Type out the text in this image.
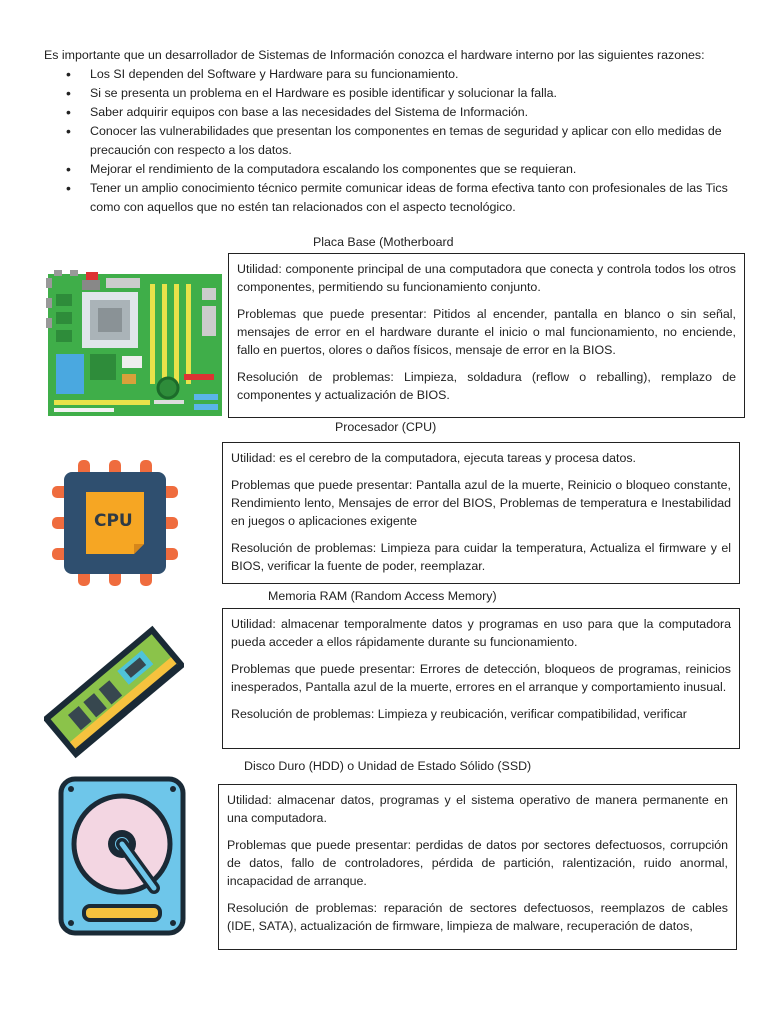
Es importante que un desarrollador de Sistemas de Información conozca el hardware interno por las siguientes razones:
• Los SI dependen del Software y Hardware para su funcionamiento.
• Si se presenta un problema en el Hardware es posible identificar y solucionar la falla.
• Saber adquirir equipos con base a las necesidades del Sistema de Información.
• Conocer las vulnerabilidades que presentan los componentes en temas de seguridad y aplicar con ello medidas de precaución con respecto a los datos.
• Mejorar el rendimiento de la computadora escalando los componentes que se requieran.
• Tener un amplio conocimiento técnico permite comunicar ideas de forma efectiva tanto con profesionales de las Tics como con aquellos que no estén tan relacionados con el aspecto tecnológico.
Placa Base (Motherboard

Utilidad: componente principal de una computadora que conecta y controla todos los otros componentes, permitiendo su funcionamiento conjunto.

Problemas que puede presentar: Pitidos al encender, pantalla en blanco o sin señal, mensajes de error en el hardware durante el inicio o mal funcionamiento, no enciende, fallo en puertos, olores o daños físicos, mensaje de error en la BIOS.

Resolución de problemas: Limpieza, soldadura (reflow o reballing), remplazo de componentes y actualización de BIOS.

Procesador (CPU)
CPU

Utilidad: es el cerebro de la computadora, ejecuta tareas y procesa datos.

Problemas que puede presentar: Pantalla azul de la muerte, Reinicio o bloqueo constante, Rendimiento lento, Mensajes de error del BIOS, Problemas de temperatura e Inestabilidad en juegos o aplicaciones exigente

Resolución de problemas: Limpieza para cuidar la temperatura, Actualiza el firmware y el BIOS, verificar la fuente de poder, reemplazar.

Memoria RAM (Random Access Memory)

Utilidad: almacenar temporalmente datos y programas en uso para que la computadora pueda acceder a ellos rápidamente durante su funcionamiento.

Problemas que puede presentar: Errores de detección, bloqueos de programas, reinicios inesperados, Pantalla azul de la muerte, errores en el arranque y comportamiento inusual.

Resolución de problemas: Limpieza y reubicación, verificar compatibilidad, verificar

Disco Duro (HDD) o Unidad de Estado Sólido (SSD)

Utilidad: almacenar datos, programas y el sistema operativo de manera permanente en una computadora.

Problemas que puede presentar: perdidas de datos por sectores defectuosos, corrupción de datos, fallo de controladores, pérdida de partición, ralentización, ruido anormal, incapacidad de arranque.

Resolución de problemas: reparación de sectores defectuosos, reemplazos de cables (IDE, SATA), actualización de firmware, limpieza de malware, recuperación de datos,
